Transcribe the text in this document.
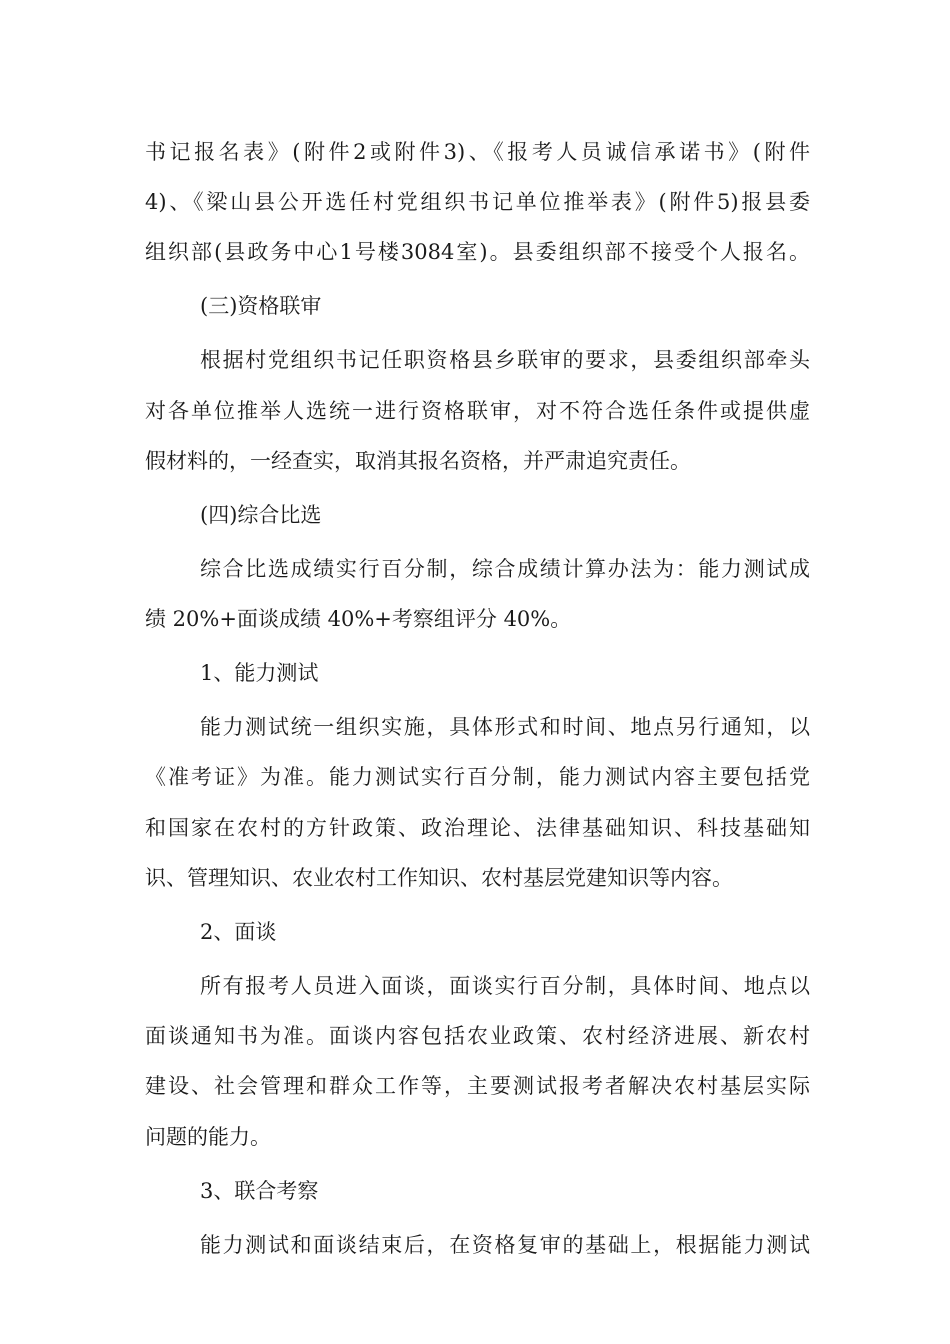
书记报名表》(附件2或附件3)、《报考人员诚信承诺书》(附件
4)、《梁山县公开选任村党组织书记单位推举表》(附件5)报县委
组织部(县政务中心1号楼3084室)。县委组织部不接受个人报名。
(三)资格联审
根据村党组织书记任职资格县乡联审的要求，县委组织部牵头
对各单位推举人选统一进行资格联审，对不符合选任条件或提供虚
假材料的，一经查实，取消其报名资格，并严肃追究责任。
(四)综合比选
综合比选成绩实行百分制，综合成绩计算办法为：能力测试成
绩 20%+面谈成绩 40%+考察组评分 40%。
1、能力测试
能力测试统一组织实施，具体形式和时间、地点另行通知，以
《准考证》为准。能力测试实行百分制，能力测试内容主要包括党
和国家在农村的方针政策、政治理论、法律基础知识、科技基础知
识、管理知识、农业农村工作知识、农村基层党建知识等内容。
2、面谈
所有报考人员进入面谈，面谈实行百分制，具体时间、地点以
面谈通知书为准。面谈内容包括农业政策、农村经济进展、新农村
建设、社会管理和群众工作等，主要测试报考者解决农村基层实际
问题的能力。
3、联合考察
能力测试和面谈结束后，在资格复审的基础上，根据能力测试
